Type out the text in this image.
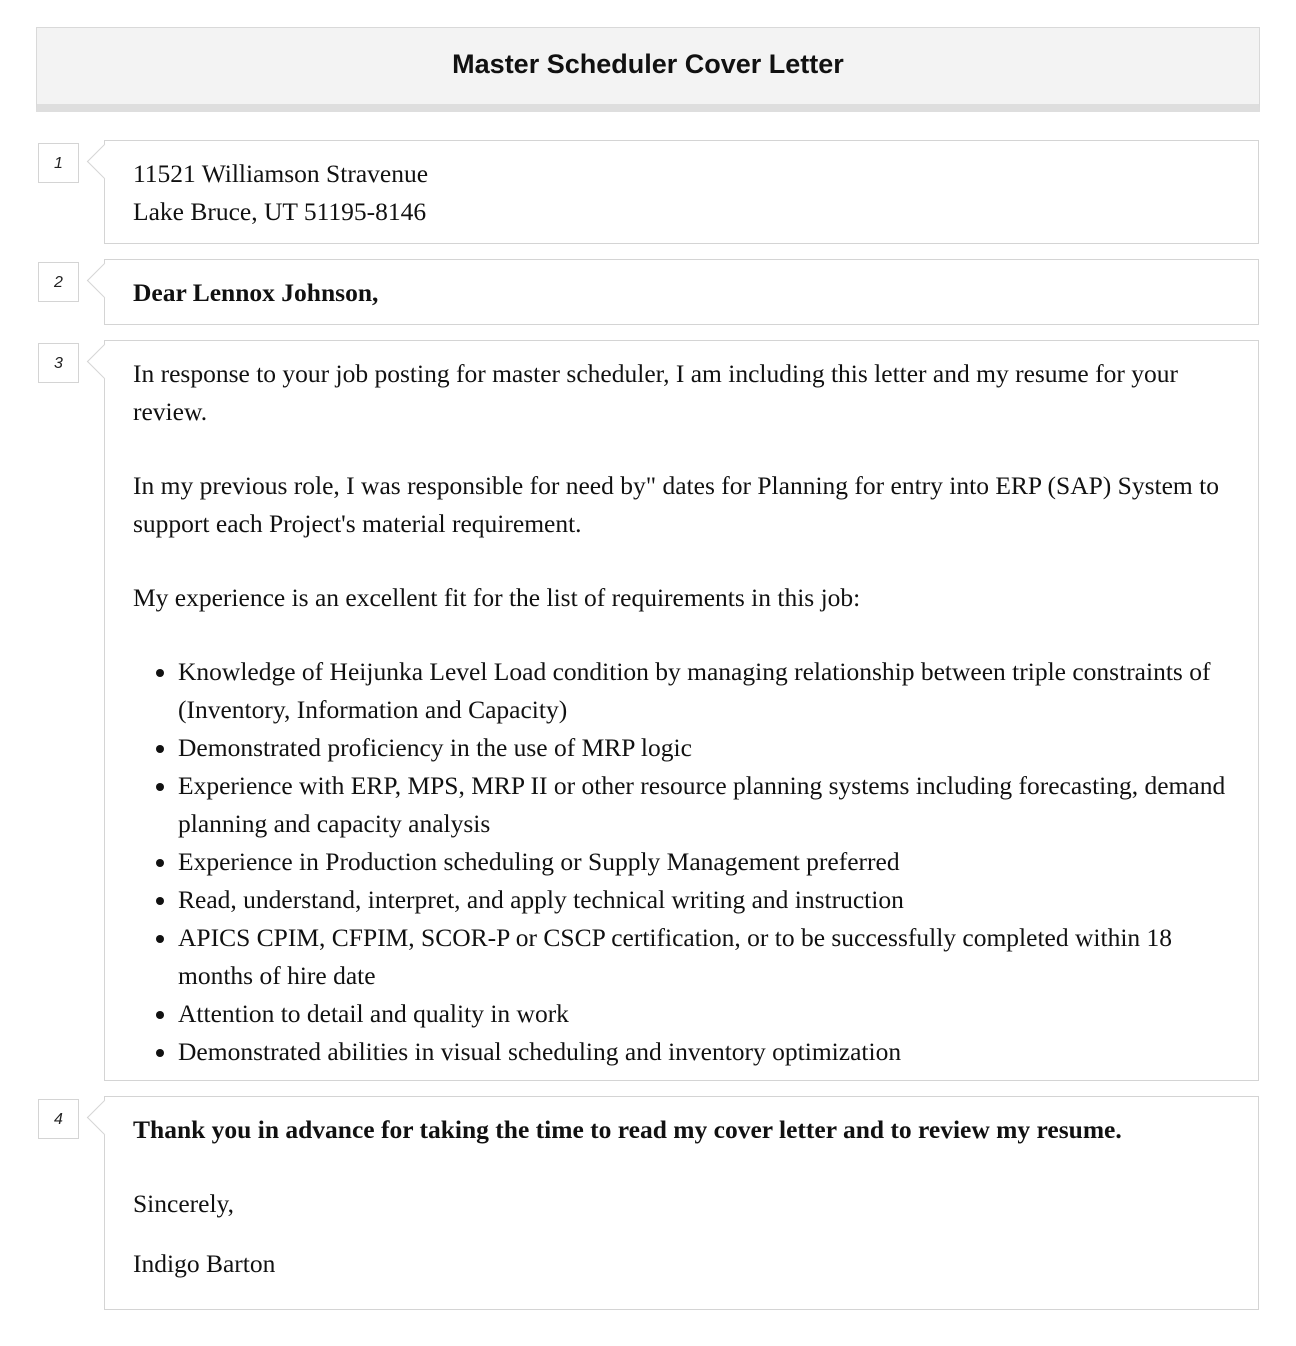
Master Scheduler Cover Letter
1	11521 Williamson Stravenue

Lake Bruce, UT 51195-8146

2	Dear Lennox Johnson,

3	In response to your job posting for master scheduler, I am including this letter and my resume for your review.

In my previous role, I was responsible for need by" dates for Planning for entry into ERP (SAP) System to support each Project's material requirement.

My experience is an excellent fit for the list of requirements in this job:

• Knowledge of Heijunka Level Load condition by managing relationship between triple constraints of (Inventory, Information and Capacity)
• Demonstrated proficiency in the use of MRP logic
• Experience with ERP, MPS, MRP II or other resource planning systems including forecasting, demand planning and capacity analysis
• Experience in Production scheduling or Supply Management preferred
• Read, understand, interpret, and apply technical writing and instruction
• APICS CPIM, CFPIM, SCOR-P or CSCP certification, or to be successfully completed within 18 months of hire date
• Attention to detail and quality in work
• Demonstrated abilities in visual scheduling and inventory optimization
4	Thank you in advance for taking the time to read my cover letter and to review my resume.

Sincerely,

Indigo Barton
